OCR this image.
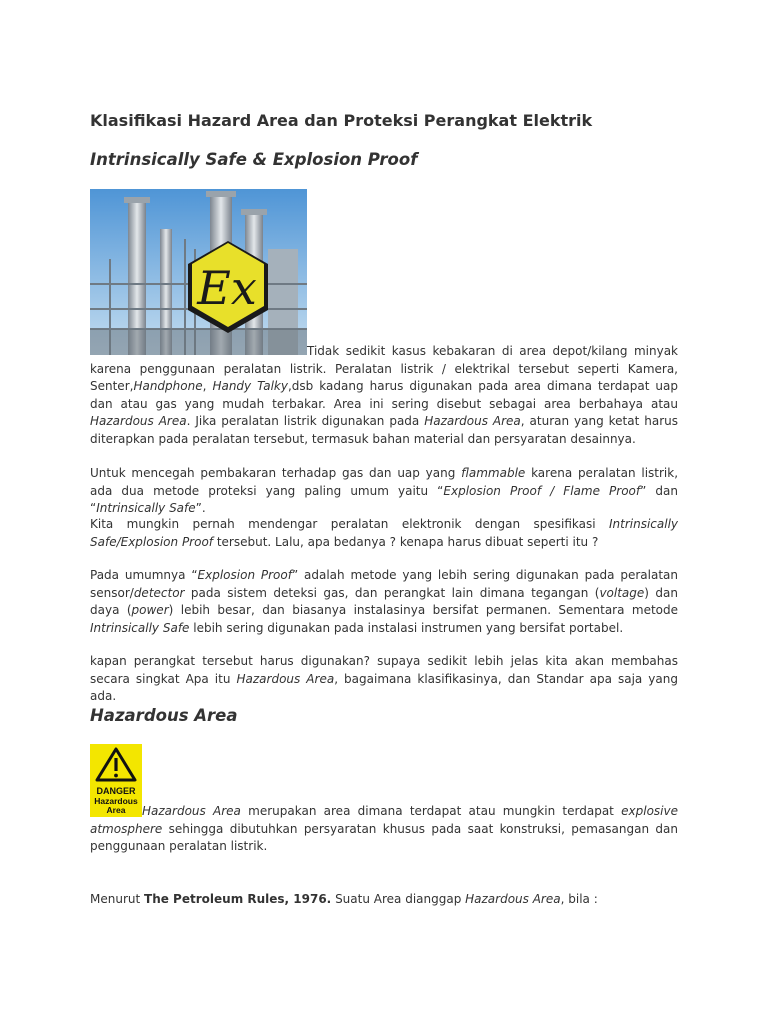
Klasifikasi Hazard Area dan Proteksi Perangkat Elektrik
Intrinsically Safe & Explosion Proof
Ex

Tidak sedikit kasus kebakaran di area depot/kilang minyak karena penggunaan peralatan listrik. Peralatan listrik / elektrikal tersebut seperti Kamera, Senter,Handphone, Handy Talky,dsb kadang harus digunakan pada area dimana terdapat uap dan atau gas yang mudah terbakar. Area ini sering disebut sebagai area berbahaya atau Hazardous Area. Jika peralatan listrik digunakan pada Hazardous Area, aturan yang ketat harus diterapkan pada peralatan tersebut, termasuk bahan material dan persyaratan desainnya.

Untuk mencegah pembakaran terhadap gas dan uap yang flammable karena peralatan listrik, ada dua metode proteksi yang paling umum yaitu “Explosion Proof / Flame Proof” dan “Intrinsically Safe”.

Kita mungkin pernah mendengar peralatan elektronik dengan spesifikasi Intrinsically Safe/Explosion Proof tersebut. Lalu, apa bedanya ? kenapa harus dibuat seperti itu ?

Pada umumnya “Explosion Proof” adalah metode yang lebih sering digunakan pada peralatan sensor/detector pada sistem deteksi gas, dan perangkat lain dimana tegangan (voltage) dan daya (power) lebih besar, dan biasanya instalasinya bersifat permanen. Sementara metode Intrinsically Safe lebih sering digunakan pada instalasi instrumen yang bersifat portabel.

kapan perangkat tersebut harus digunakan? supaya sedikit lebih jelas kita akan membahas secara singkat Apa itu Hazardous Area, bagaimana klasifikasinya, dan Standar apa saja yang ada.

Hazardous Area
DANGER
Hazardous
Area	Hazardous Area merupakan area dimana terdapat atau mungkin terdapat explosive atmosphere sehingga dibutuhkan persyaratan khusus pada saat konstruksi, pemasangan dan penggunaan peralatan listrik.

Menurut The Petroleum Rules, 1976. Suatu Area dianggap Hazardous Area, bila :
